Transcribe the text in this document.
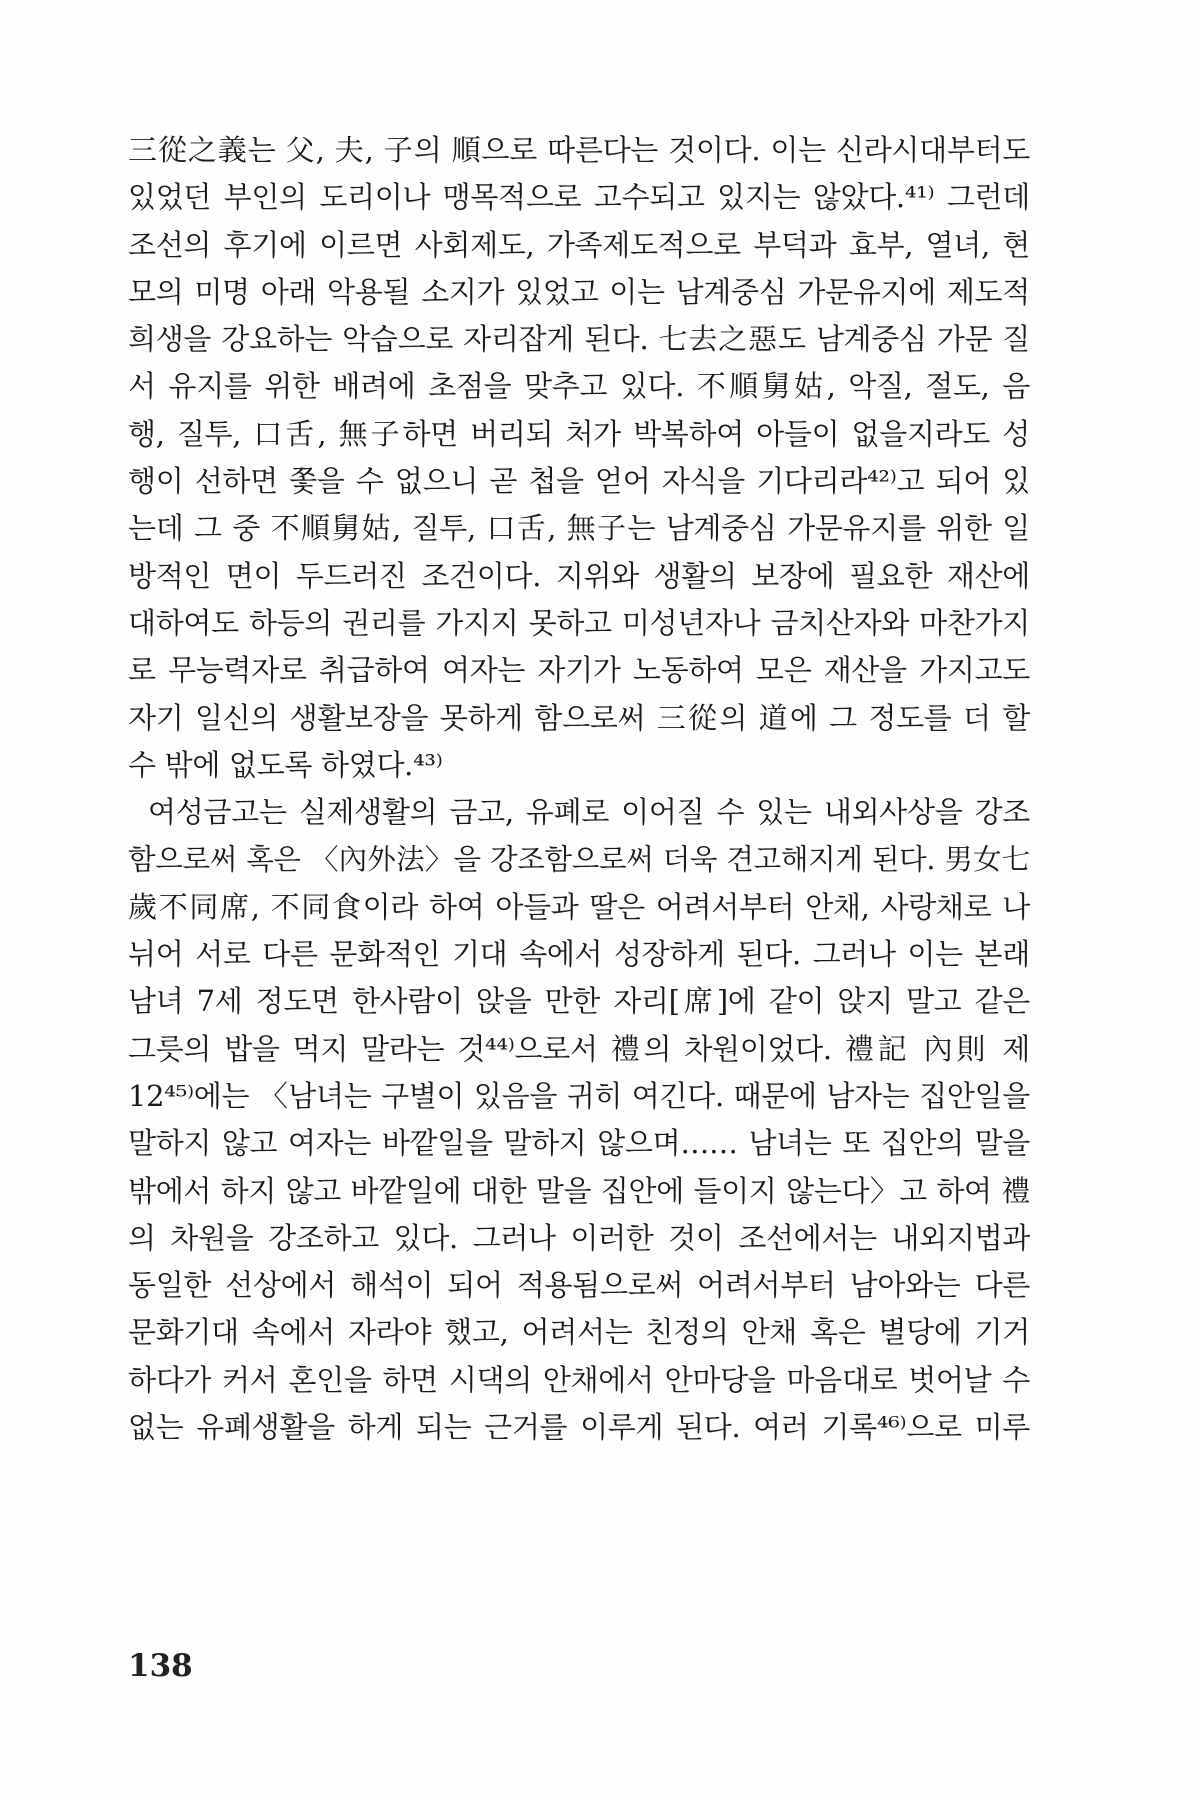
三從之義는 父, 夫, 子의 順으로 따른다는 것이다. 이는 신라시대부터도
있었던 부인의 도리이나 맹목적으로 고수되고 있지는 않았다.⁴¹⁾ 그런데
조선의 후기에 이르면 사회제도, 가족제도적으로 부덕과 효부, 열녀, 현
모의 미명 아래 악용될 소지가 있었고 이는 남계중심 가문유지에 제도적
희생을 강요하는 악습으로 자리잡게 된다. 七去之惡도 남계중심 가문 질
서 유지를 위한 배려에 초점을 맞추고 있다. 不順舅姑, 악질, 절도, 음
행, 질투, 口舌, 無子하면 버리되 처가 박복하여 아들이 없을지라도 성
행이 선하면 쫓을 수 없으니 곧 첩을 얻어 자식을 기다리라⁴²⁾고 되어 있
는데 그 중 不順舅姑, 질투, 口舌, 無子는 남계중심 가문유지를 위한 일
방적인 면이 두드러진 조건이다. 지위와 생활의 보장에 필요한 재산에
대하여도 하등의 권리를 가지지 못하고 미성년자나 금치산자와 마찬가지
로 무능력자로 취급하여 여자는 자기가 노동하여 모은 재산을 가지고도
자기 일신의 생활보장을 못하게 함으로써 三從의 道에 그 정도를 더 할
수 밖에 없도록 하였다.⁴³⁾
여성금고는 실제생활의 금고, 유폐로 이어질 수 있는 내외사상을 강조
함으로써 혹은 〈內外法〉을 강조함으로써 더욱 견고해지게 된다. 男女七
歲不同席, 不同食이라 하여 아들과 딸은 어려서부터 안채, 사랑채로 나
뉘어 서로 다른 문화적인 기대 속에서 성장하게 된다. 그러나 이는 본래
남녀 7세 정도면 한사람이 앉을 만한 자리[席]에 같이 앉지 말고 같은
그릇의 밥을 먹지 말라는 것⁴⁴⁾으로서 禮의 차원이었다. 禮記 內則 제
12⁴⁵⁾에는 〈남녀는 구별이 있음을 귀히 여긴다. 때문에 남자는 집안일을
말하지 않고 여자는 바깥일을 말하지 않으며…… 남녀는 또 집안의 말을
밖에서 하지 않고 바깥일에 대한 말을 집안에 들이지 않는다〉고 하여 禮
의 차원을 강조하고 있다. 그러나 이러한 것이 조선에서는 내외지법과
동일한 선상에서 해석이 되어 적용됨으로써 어려서부터 남아와는 다른
문화기대 속에서 자라야 했고, 어려서는 친정의 안채 혹은 별당에 기거
하다가 커서 혼인을 하면 시댁의 안채에서 안마당을 마음대로 벗어날 수
없는 유폐생활을 하게 되는 근거를 이루게 된다. 여러 기록⁴⁶⁾으로 미루
138
